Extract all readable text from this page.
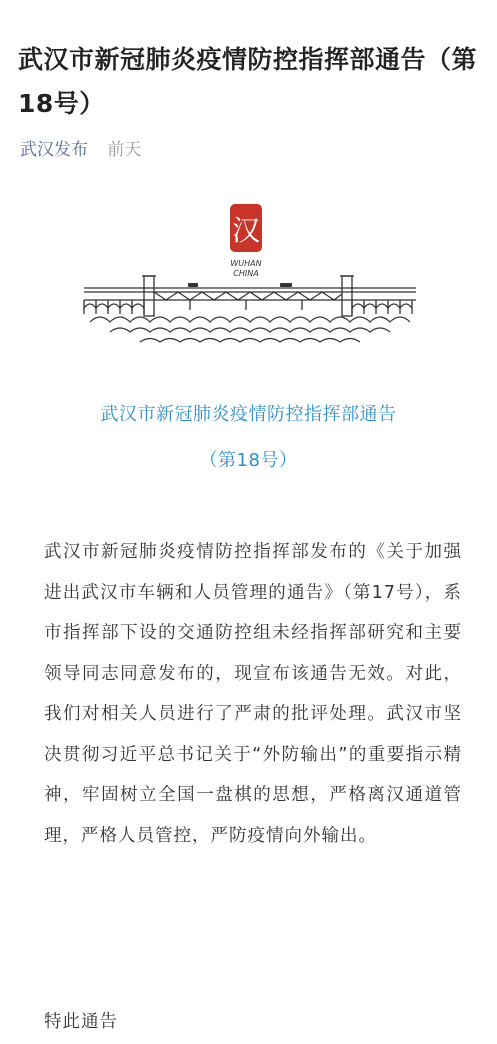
武汉市新冠肺炎疫情防控指挥部通告（第18号）
武汉发布 前天
汉
WUHAN
CHINA
武汉市新冠肺炎疫情防控指挥部通告
（第18号）

武汉市新冠肺炎疫情防控指挥部发布的《关于加强进出武汉市车辆和人员管理的通告》（第17号），系市指挥部下设的交通防控组未经指挥部研究和主要领导同志同意发布的，现宣布该通告无效。对此，我们对相关人员进行了严肃的批评处理。武汉市坚决贯彻习近平总书记关于“外防输出”的重要指示精神，牢固树立全国一盘棋的思想，严格离汉通道管理，严格人员管控，严防疫情向外输出。

特此通告
